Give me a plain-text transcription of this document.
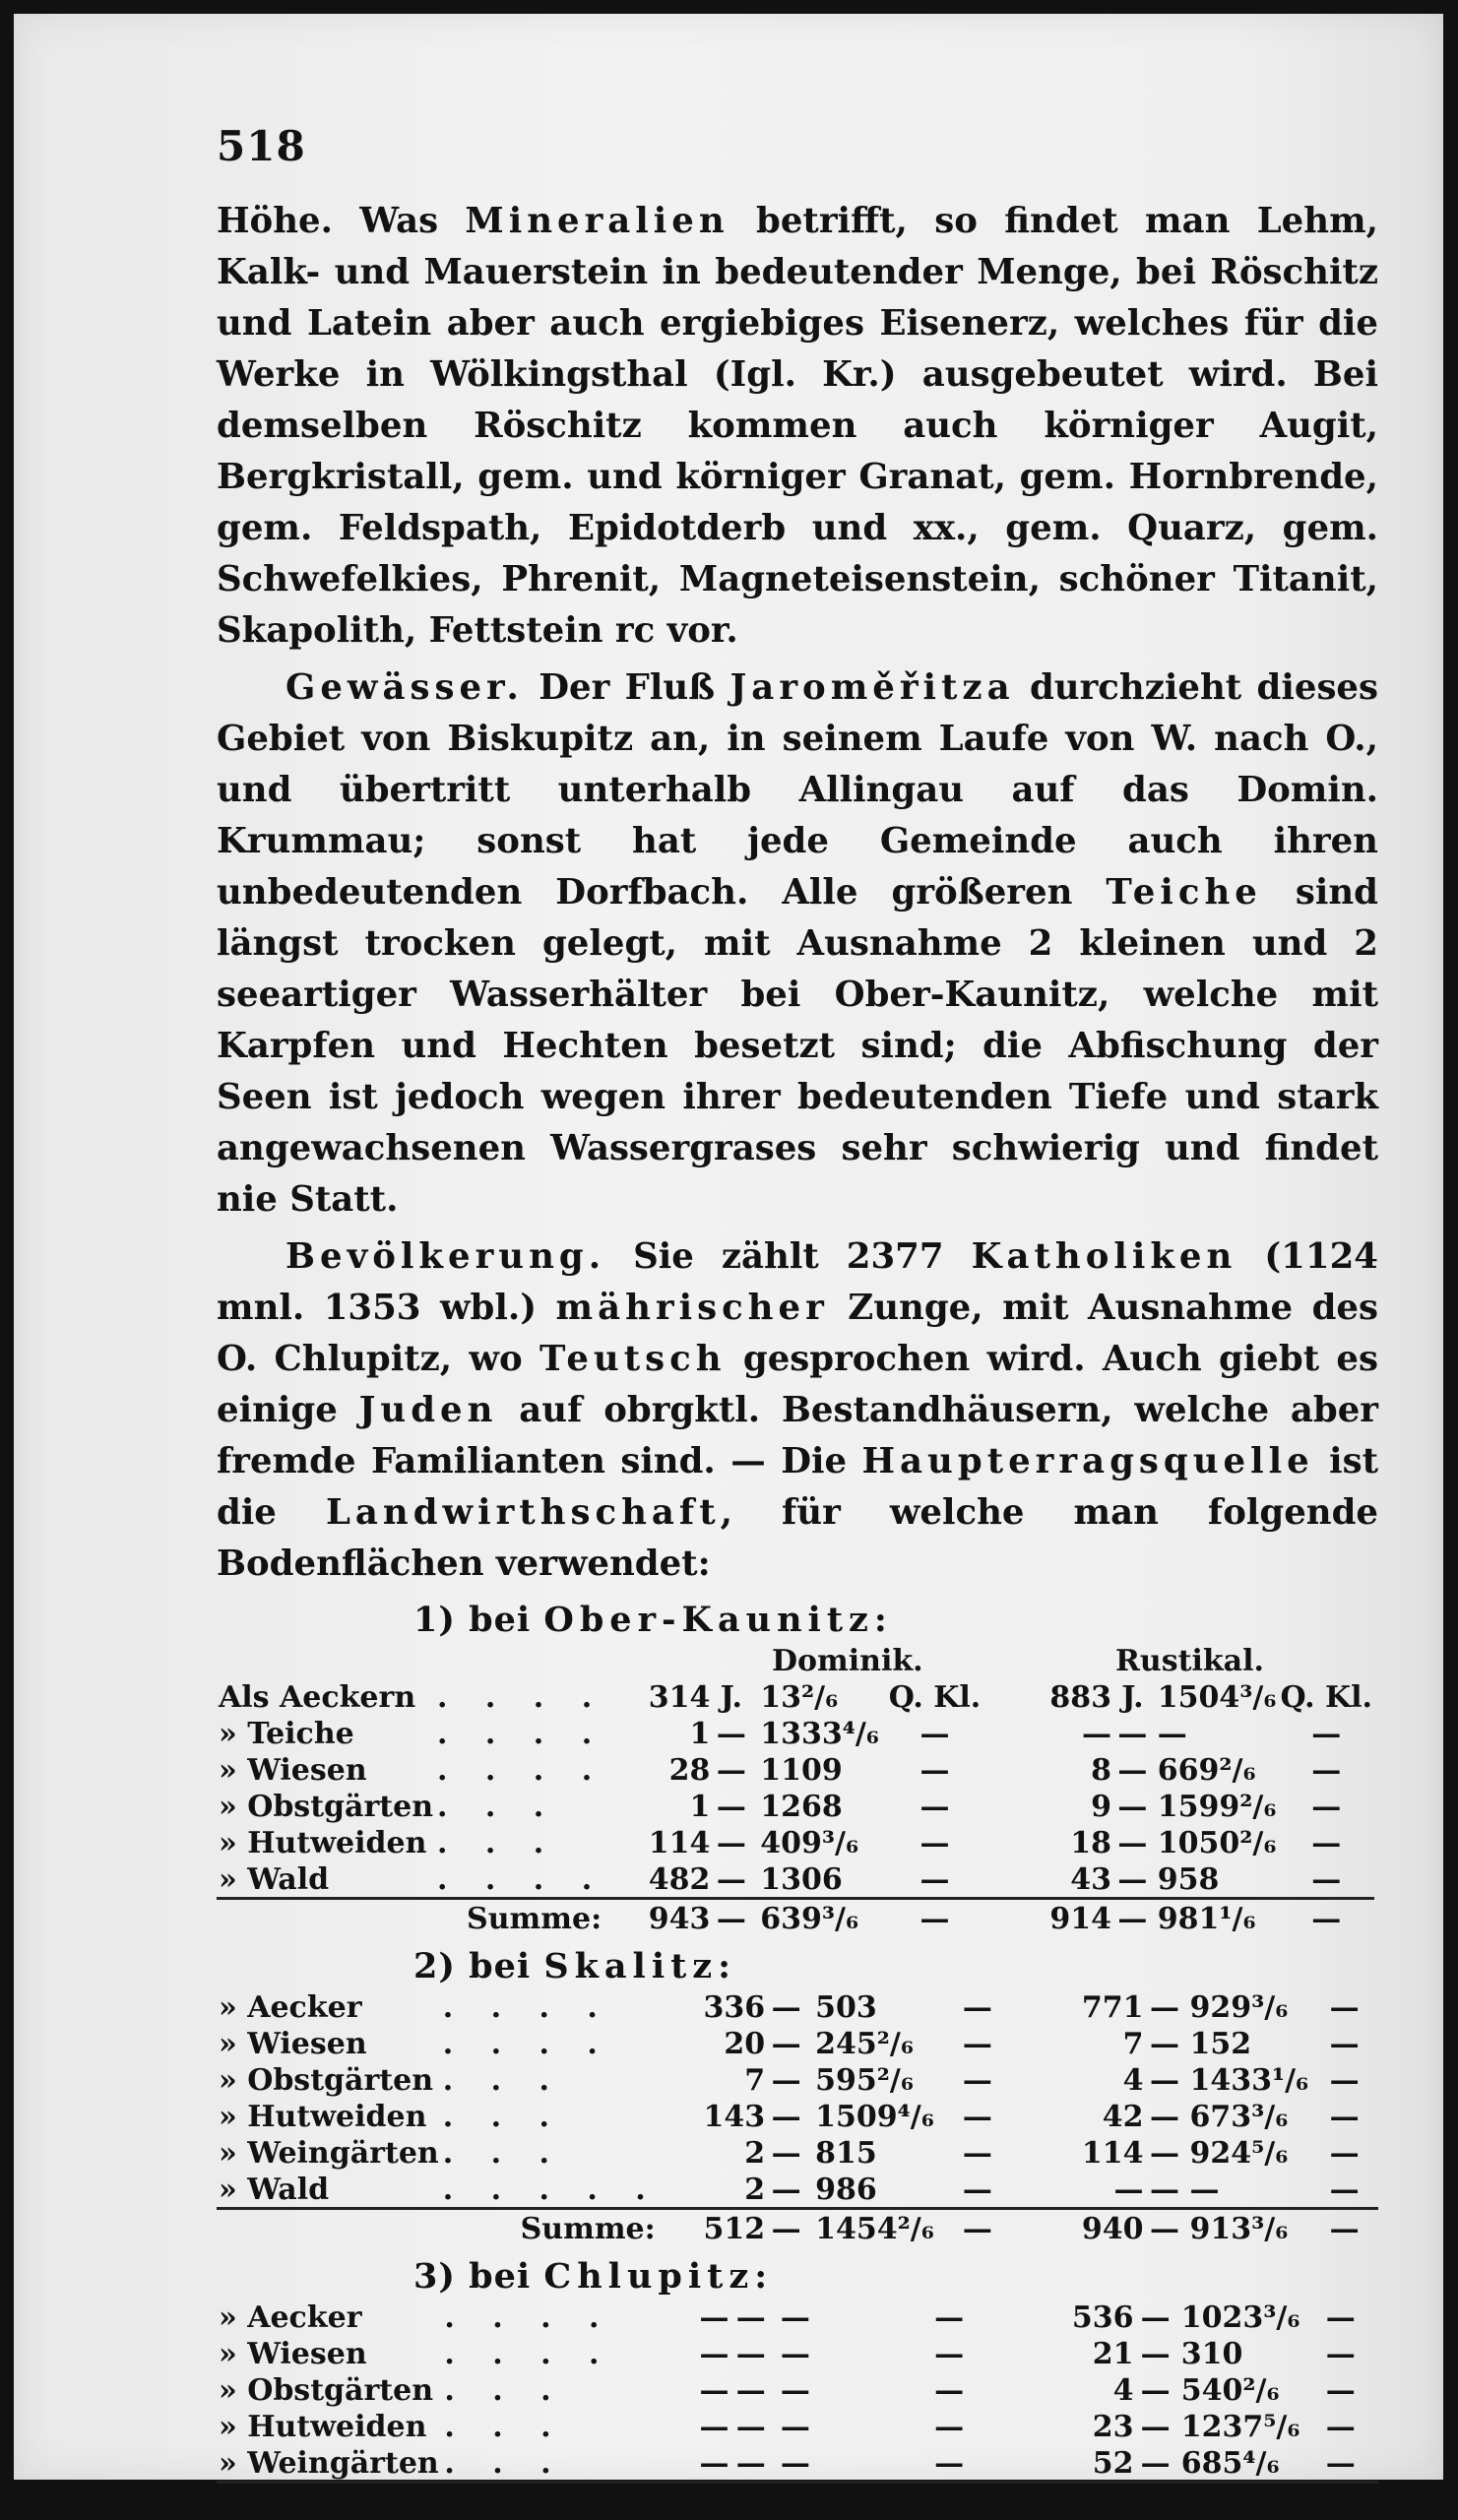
518

Höhe. Was Mineralien betrifft, so findet man Lehm, Kalk- und Mauerstein in bedeutender Menge, bei Röschitz und Latein aber auch ergiebiges Eisenerz, welches für die Werke in Wölkingsthal (Igl. Kr.) ausgebeutet wird. Bei demselben Röschitz kommen auch körniger Augit, Bergkristall, gem. und körniger Granat, gem. Hornbrende, gem. Feldspath, Epidotderb und xx., gem. Quarz, gem. Schwefelkies, Phrenit, Magneteisenstein, schöner Titanit, Skapolith, Fettstein rc vor.

Gewässer. Der Fluß Jaroměřitza durchzieht dieses Gebiet von Biskupitz an, in seinem Laufe von W. nach O., und übertritt unterhalb Allingau auf das Domin. Krummau; sonst hat jede Gemeinde auch ihren unbedeutenden Dorfbach. Alle größeren Teiche sind längst trocken gelegt, mit Ausnahme 2 kleinen und 2 seeartiger Wasserhälter bei Ober-Kaunitz, welche mit Karpfen und Hechten besetzt sind; die Abfischung der Seen ist jedoch wegen ihrer bedeutenden Tiefe und stark angewachsenen Wassergrases sehr schwierig und findet nie Statt.

Bevölkerung. Sie zählt 2377 Katholiken (1124 mnl. 1353 wbl.) mährischer Zunge, mit Ausnahme des O. Chlupitz, wo Teutsch gesprochen wird. Auch giebt es einige Juden auf obrgktl. Bestandhäusern, welche aber fremde Familianten sind. — Die Haupterragsquelle ist die Landwirthschaft, für welche man folgende Bodenflächen verwendet:

1) bei Ober-Kaunitz:
			Dominik.					Rustikal.			
Als Aeckern	. . . .	314	J.	13²/₆	Q. Kl.		883	J.	1504³/₆	Q. Kl.	
» Teiche	. . . .	1	—	1333⁴/₆	—		—	—	—	—	
» Wiesen	. . . .	28	—	1109	—		8	—	669²/₆	—	
» Obstgärten	. . .	1	—	1268	—		9	—	1599²/₆	—	
» Hutweiden	. . .	114	—	409³/₆	—		18	—	1050²/₆	—	
» Wald	. . . .	482	—	1306	—		43	—	958	—	
Summe:		943	—	639³/₆	—		914	—	981¹/₆	—	
2) bei Skalitz:
» Aecker	. . . .	336	—	503	—		771	—	929³/₆	—
» Wiesen	. . . .	20	—	245²/₆	—		7	—	152	—
» Obstgärten	. . .	7	—	595²/₆	—		4	—	1433¹/₆	—
» Hutweiden	. . .	143	—	1509⁴/₆	—		42	—	673³/₆	—
» Weingärten	. . .	2	—	815	—		114	—	924⁵/₆	—
» Wald	. . . . .	2	—	986	—		—	—	—	—
Summe:		512	—	1454²/₆	—		940	—	913³/₆	—
3) bei Chlupitz:
» Aecker	. . . .	—	—	—	—		536	—	1023³/₆	—
» Wiesen	. . . .	—	—	—	—		21	—	310	—
» Obstgärten	. . .	—	—	—	—		4	—	540²/₆	—
» Hutweiden	. . .	—	—	—	—		23	—	1237⁵/₆	—
» Weingärten	. . .	—	—	—	—		52	—	685⁴/₆	—
Summe:		—	—	—	—		638	—	1597¹/₆	—
